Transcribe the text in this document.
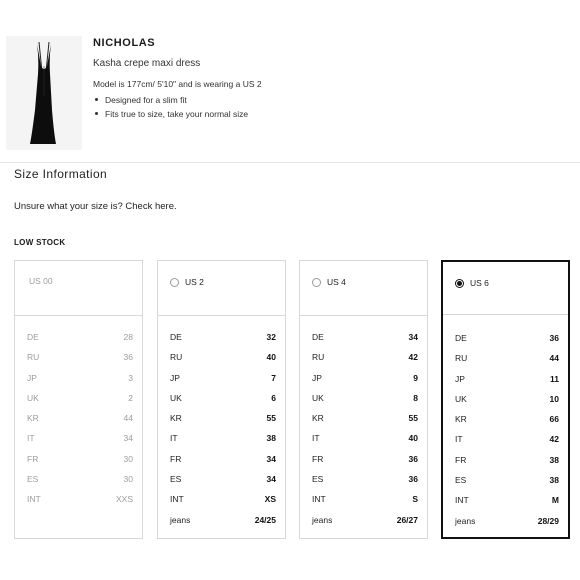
NICHOLAS
Kasha crepe maxi dress
Model is 177cm/ 5'10" and is wearing a US 2
Designed for a slim fit
Fits true to size, take your normal size
Size Information
Unsure what your size is? Check here.
LOW STOCK
US 00
DE	28
RU	36
JP	3
UK	2
KR	44
IT	34
FR	30
ES	30
INT	XXS
US 2
DE	32
RU	40
JP	7
UK	6
KR	55
IT	38
FR	34
ES	34
INT	XS
jeans	24/25
US 4
DE	34
RU	42
JP	9
UK	8
KR	55
IT	40
FR	36
ES	36
INT	S
jeans	26/27
US 6
DE	36
RU	44
JP	11
UK	10
KR	66
IT	42
FR	38
ES	38
INT	M
jeans	28/29
